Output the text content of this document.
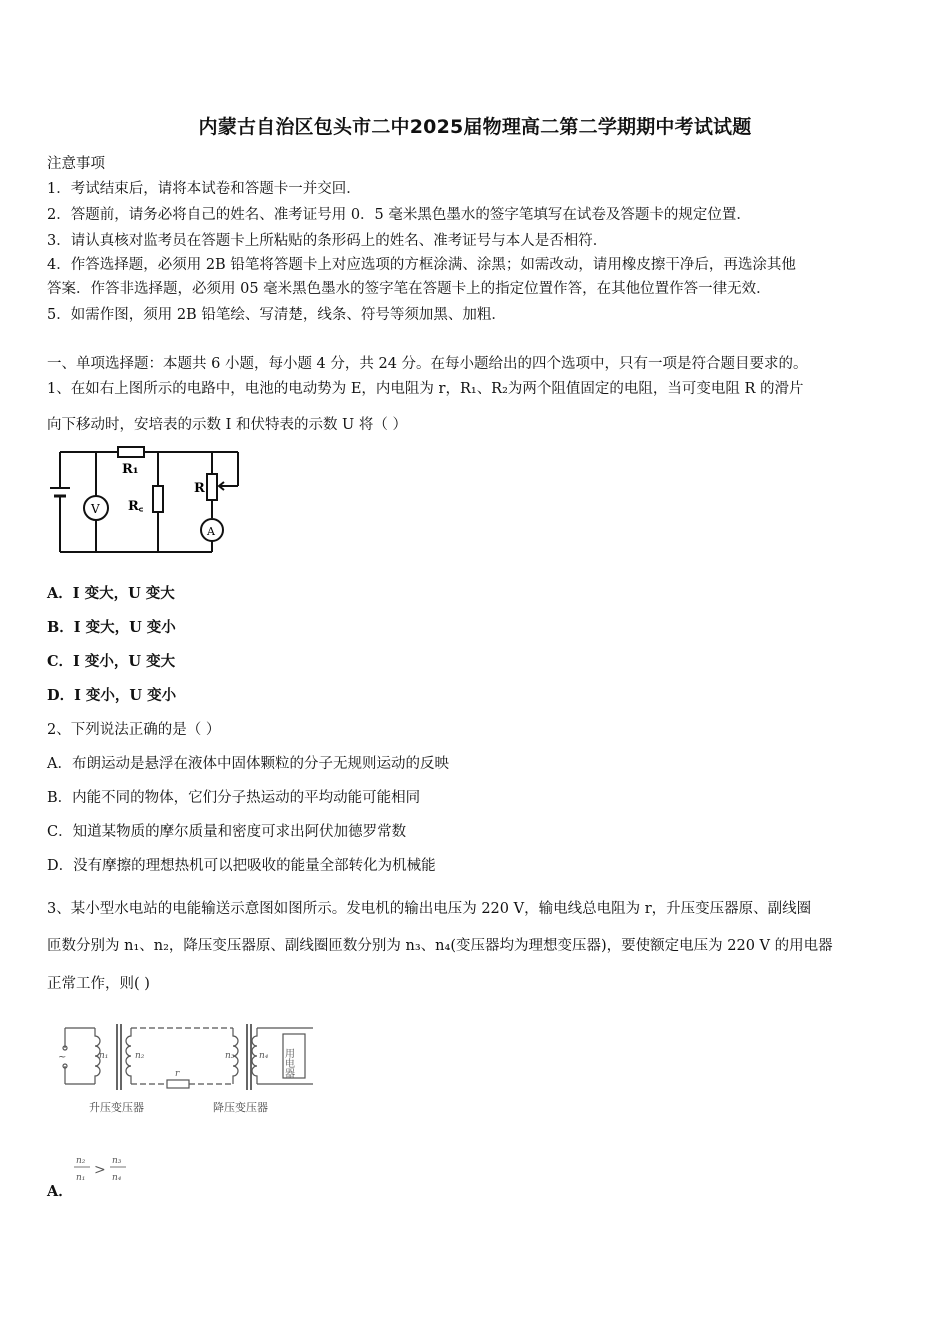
内蒙古自治区包头市二中2025届物理高二第二学期期中考试试题
注意事项
1．考试结束后，请将本试卷和答题卡一并交回．
2．答题前，请务必将自己的姓名、准考证号用 0．5 毫米黑色墨水的签字笔填写在试卷及答题卡的规定位置．
3．请认真核对监考员在答题卡上所粘贴的条形码上的姓名、准考证号与本人是否相符．
4．作答选择题，必须用 2B 铅笔将答题卡上对应选项的方框涂满、涂黑；如需改动，请用橡皮擦干净后，再选涂其他
答案．作答非选择题，必须用 05 毫米黑色墨水的签字笔在答题卡上的指定位置作答，在其他位置作答一律无效．
5．如需作图，须用 2B 铅笔绘、写清楚，线条、符号等须加黑、加粗．
一、单项选择题：本题共 6 小题，每小题 4 分，共 24 分。在每小题给出的四个选项中，只有一项是符合题目要求的。
1、在如右上图所示的电路中，电池的电动势为 E，内电阻为 r，R₁、R₂为两个阻值固定的电阻，当可变电阻 R 的滑片
向下移动时，安培表的示数 I 和伏特表的示数 U 将（ ）
R₁
R꜀
R
V
A
A．I 变大，U 变大
B．I 变大，U 变小
C．I 变小，U 变大
D．I 变小，U 变小
2、下列说法正确的是（ ）
A．布朗运动是悬浮在液体中固体颗粒的分子无规则运动的反映
B．内能不同的物体，它们分子热运动的平均动能可能相同
C．知道某物质的摩尔质量和密度可求出阿伏加德罗常数
D．没有摩擦的理想热机可以把吸收的能量全部转化为机械能
3、某小型水电站的电能输送示意图如图所示。发电机的输出电压为 220 V，输电线总电阻为 r，升压变压器原、副线圈
匝数分别为 n₁、n₂，降压变压器原、副线圈匝数分别为 n₃、n₄(变压器均为理想变压器)，要使额定电压为 220 V 的用电器
正常工作，则( )
~	n₁	n₂	n₃	n₄
r	用电器
升压变压器	降压变压器
n₂
n₁ >
n₃
n₄
A．
